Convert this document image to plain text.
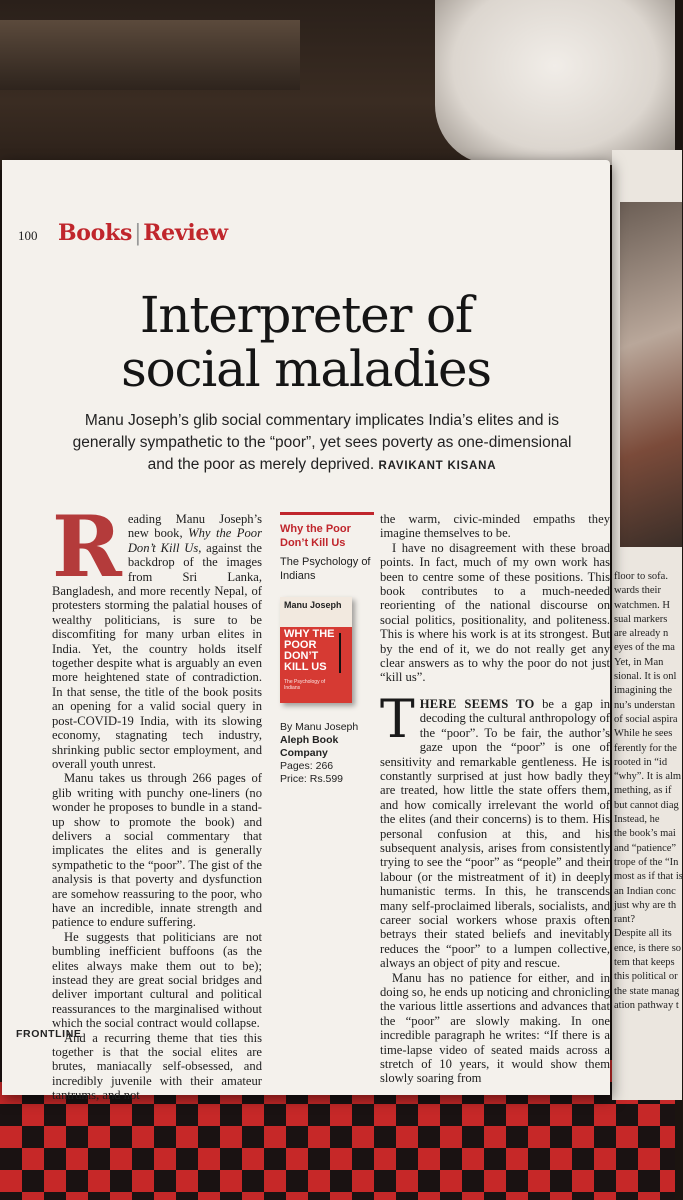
floor to sofa.
wards their
watchmen. H
sual markers
are already n
eyes of the ma
Yet, in Man
sional. It is onl
imagining the
nu’s understan
of social aspira
While he sees
ferently for the
rooted in “id
“why”. It is alm
mething, as if
but cannot diag
Instead, he
the book’s mai
and “patience”
trope of the “In
most as if that is
an Indian conc
just why are th
rant?
Despite all its
ence, is there so
tem that keeps
this political or
the state manag
ation pathway t
100 Books|Review
Interpreter of
social maladies
Manu Joseph’s glib social commentary implicates India’s elites and is generally sympathetic to the “poor”, yet sees poverty as one-dimensional and the poor as merely deprived. RAVIKANT KISANA

Reading Manu Joseph’s new book, Why the Poor Don’t Kill Us, against the backdrop of the images from Sri Lanka, Bangladesh, and more recently Nepal, of protesters storming the palatial houses of wealthy politicians, is sure to be discomfiting for many urban elites in India. Yet, the country holds itself together despite what is arguably an even more heightened state of contradiction. In that sense, the title of the book posits an opening for a valid social query in post-COVID-19 India, with its slowing economy, stagnating tech industry, shrinking public sector employment, and overall youth unrest.

Manu takes us through 266 pages of glib writing with punchy one-liners (no wonder he proposes to bundle in a stand-up show to promote the book) and delivers a social commentary that implicates the elites and is generally sympathetic to the “poor”. The gist of the analysis is that poverty and dysfunction are somehow reassuring to the poor, who have an incredible, innate strength and patience to endure suffering.

He suggests that politicians are not bumbling inefficient buffoons (as the elites always make them out to be); instead they are great social bridges and deliver important cultural and political reassurances to the marginalised without which the social contract would collapse.

And a recurring theme that ties this together is that the social elites are brutes, maniacally self-obsessed, and incredibly juvenile with their amateur tantrums, and not

Why the Poor Don’t Kill Us
The Psychology of Indians
Manu Joseph
WHY THE POOR DON’T KILL US
The Psychology of Indians
By Manu Joseph
Aleph Book Company
Pages: 266
Price: Rs.599

the warm, civic-minded empaths they imagine themselves to be.

I have no disagreement with these broad points. In fact, much of my own work has been to centre some of these positions. This book contributes to a much-needed reorienting of the national discourse on social politics, positionality, and politeness. This is where his work is at its strongest. But by the end of it, we do not really get any clear answers as to why the poor do not just “kill us”.

THERE SEEMS TO be a gap in decoding the cultural anthropology of the “poor”. To be fair, the author’s gaze upon the “poor” is one of sensitivity and remarkable gentleness. He is constantly surprised at just how badly they are treated, how little the state offers them, and how comically irrelevant the world of the elites (and their concerns) is to them. His personal confusion at this, and his subsequent analysis, arises from consistently trying to see the “poor” as “people” and their labour (or the mistreatment of it) in deeply humanistic terms. In this, he transcends many self-proclaimed liberals, socialists, and career social workers whose praxis often betrays their stated beliefs and inevitably reduces the “poor” to a lumpen collective, always an object of pity and rescue.

Manu has no patience for either, and in doing so, he ends up noticing and chronicling the various little assertions and advances that the “poor” are slowly making. In one incredible paragraph he writes: “If there is a time-lapse video of seated maids across a stretch of 10 years, it would show them slowly soaring from

FRONTLINE
